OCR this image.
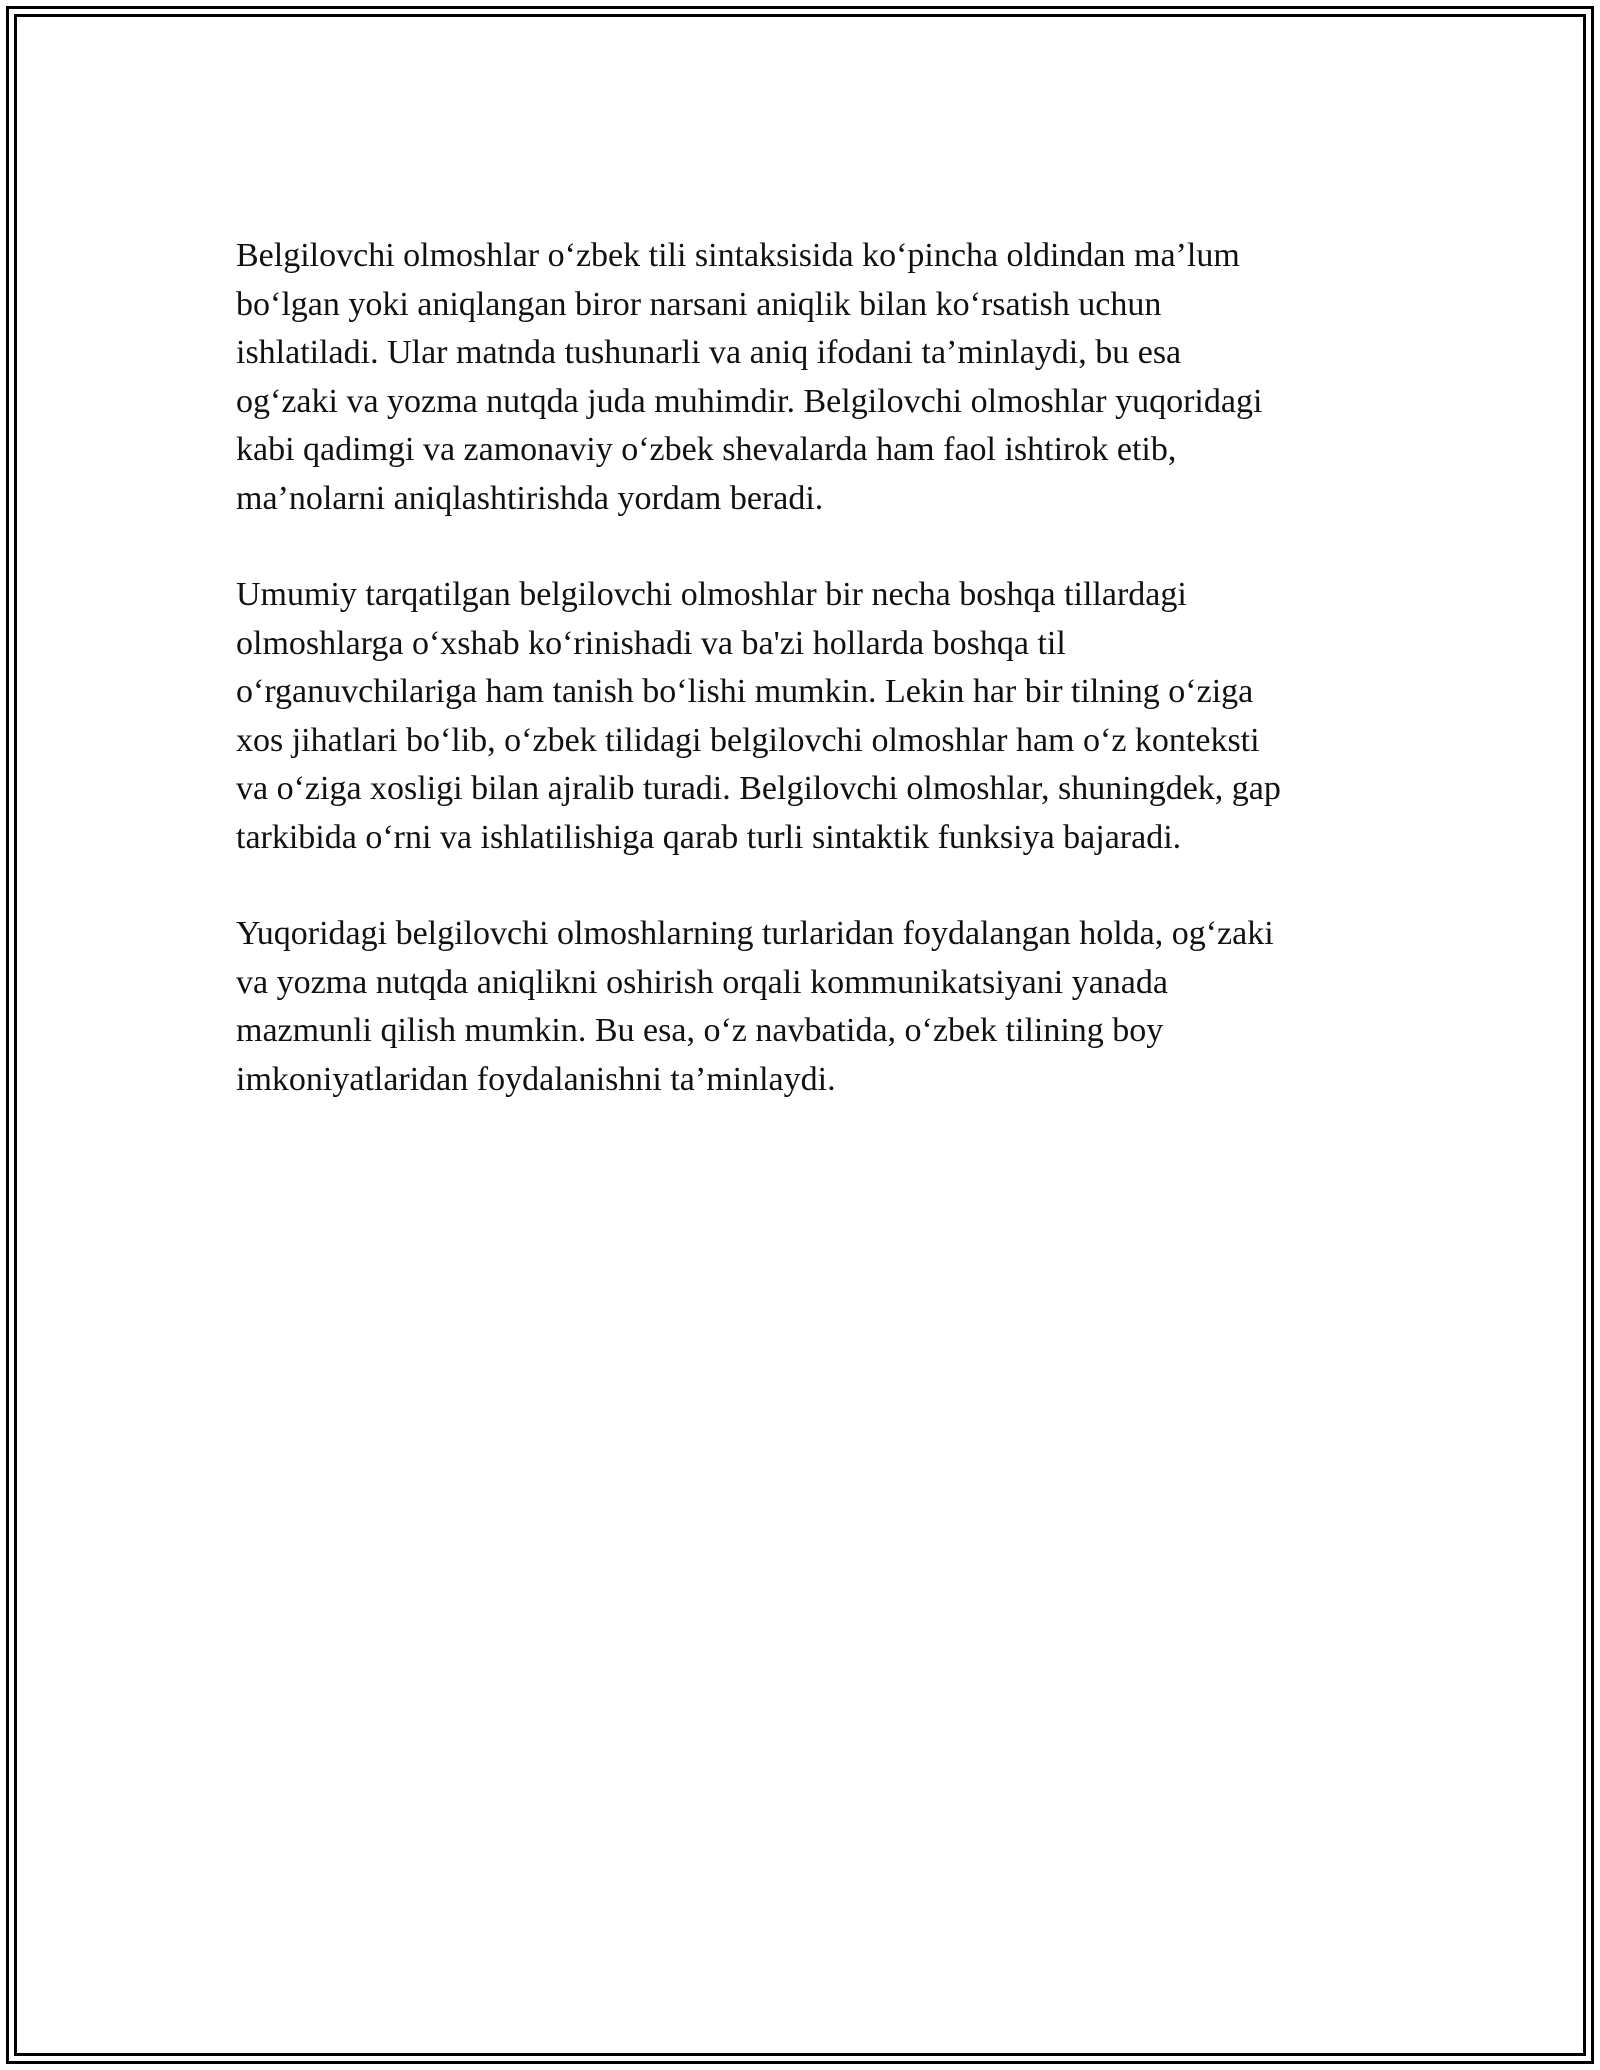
Belgilovchi olmoshlar o‘zbek tili sintaksisida ko‘pincha oldindan ma’lum
bo‘lgan yoki aniqlangan biror narsani aniqlik bilan ko‘rsatish uchun
ishlatiladi. Ular matnda tushunarli va aniq ifodani ta’minlaydi, bu esa
og‘zaki va yozma nutqda juda muhimdir. Belgilovchi olmoshlar yuqoridagi
kabi qadimgi va zamonaviy o‘zbek shevalarda ham faol ishtirok etib,
ma’nolarni aniqlashtirishda yordam beradi.

Umumiy tarqatilgan belgilovchi olmoshlar bir necha boshqa tillardagi
olmoshlarga o‘xshab ko‘rinishadi va ba'zi hollarda boshqa til
o‘rganuvchilariga ham tanish bo‘lishi mumkin. Lekin har bir tilning o‘ziga
xos jihatlari bo‘lib, o‘zbek tilidagi belgilovchi olmoshlar ham o‘z konteksti
va o‘ziga xosligi bilan ajralib turadi. Belgilovchi olmoshlar, shuningdek, gap
tarkibida o‘rni va ishlatilishiga qarab turli sintaktik funksiya bajaradi.

Yuqoridagi belgilovchi olmoshlarning turlaridan foydalangan holda, og‘zaki
va yozma nutqda aniqlikni oshirish orqali kommunikatsiyani yanada
mazmunli qilish mumkin. Bu esa, o‘z navbatida, o‘zbek tilining boy
imkoniyatlaridan foydalanishni ta’minlaydi.
